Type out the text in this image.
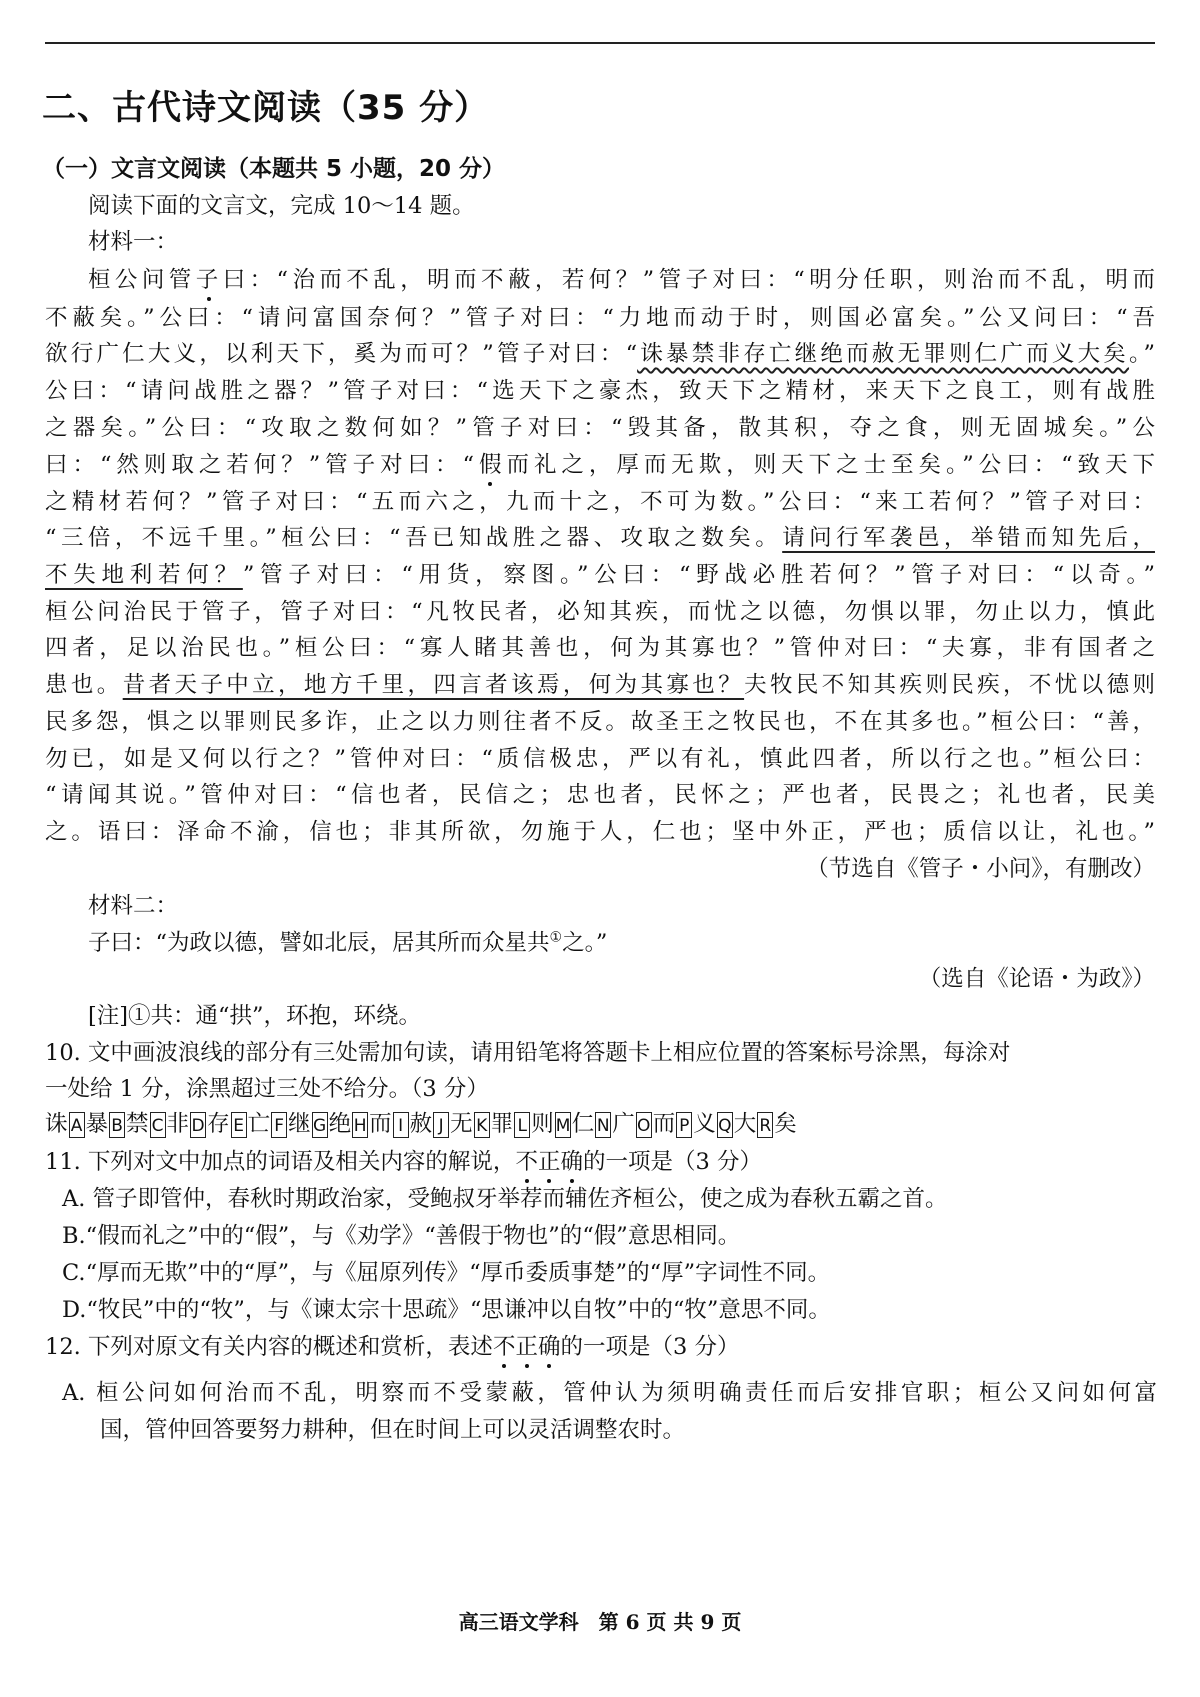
二、古代诗文阅读（35 分）
（一）文言文阅读（本题共 5 小题，20 分）
阅读下面的文言文，完成 10～14 题。
材料一：
桓公问管子曰：“治而不乱，明而不蔽，若何？”管子对曰：“明分任职，则治而不乱，明而
不蔽矣。”公曰：“请问富国奈何？”管子对曰：“力地而动于时，则国必富矣。”公又问曰：“吾
欲行广仁大义，以利天下，奚为而可？”管子对曰：“诛暴禁非存亡继绝而赦无罪则仁广而义大矣。”
公曰：“请问战胜之器？”管子对曰：“选天下之豪杰，致天下之精材，来天下之良工，则有战胜
之器矣。”公曰：“攻取之数何如？”管子对曰：“毁其备，散其积，夺之食，则无固城矣。”公
曰：“然则取之若何？”管子对曰：“假而礼之，厚而无欺，则天下之士至矣。”公曰：“致天下
之精材若何？”管子对曰：“五而六之，九而十之，不可为数。”公曰：“来工若何？”管子对曰：
“三倍，不远千里。”桓公曰：“吾已知战胜之器、攻取之数矣。请问行军袭邑，举错而知先后，
不失地利若何？”管子对曰：“用货，察图。”公曰：“野战必胜若何？”管子对曰：“以奇。”
桓公问治民于管子，管子对曰：“凡牧民者，必知其疾，而忧之以德，勿惧以罪，勿止以力，慎此
四者，足以治民也。”桓公曰：“寡人睹其善也，何为其寡也？”管仲对曰：“夫寡，非有国者之
患也。昔者天子中立，地方千里，四言者该焉，何为其寡也？夫牧民不知其疾则民疾，不忧以德则
民多怨，惧之以罪则民多诈，止之以力则往者不反。故圣王之牧民也，不在其多也。”桓公曰：“善，
勿已，如是又何以行之？”管仲对曰：“质信极忠，严以有礼，慎此四者，所以行之也。”桓公曰：
“请闻其说。”管仲对曰：“信也者，民信之；忠也者，民怀之；严也者，民畏之；礼也者，民美
之。语曰：泽命不渝，信也；非其所欲，勿施于人，仁也；坚中外正，严也；质信以让，礼也。”
（节选自《管子・小问》，有删改）
材料二：
子曰：“为政以德，譬如北辰，居其所而众星共①之。”
（选自《论语・为政》）
[注]①共：通“拱”，环抱，环绕。
10. 文中画波浪线的部分有三处需加句读，请用铅笔将答题卡上相应位置的答案标号涂黑，每涂对
一处给 1 分，涂黑超过三处不给分。（3 分）
诛 A 暴 B 禁 C 非 D 存 E 亡 F 继 G 绝 H 而 I 赦 J 无 K 罪 L 则 M仁 N 广 O 而 P 义 Q 大 R 矣
11. 下列对文中加点的词语及相关内容的解说，不正确的一项是（3 分）
A. 管子即管仲，春秋时期政治家，受鲍叔牙举荐而辅佐齐桓公，使之成为春秋五霸之首。
B.“假而礼之”中的“假”，与《劝学》“善假于物也”的“假”意思相同。
C.“厚而无欺”中的“厚”，与《屈原列传》“厚币委质事楚”的“厚”字词性不同。
D.“牧民”中的“牧”，与《谏太宗十思疏》“思谦冲以自牧”中的“牧”意思不同。
12. 下列对原文有关内容的概述和赏析，表述不正确的一项是（3 分）
A. 桓公问如何治而不乱，明察而不受蒙蔽，管仲认为须明确责任而后安排官职；桓公又问如何富
国，管仲回答要努力耕种，但在时间上可以灵活调整农时。
高三语文学科　第 6 页 共 9 页
